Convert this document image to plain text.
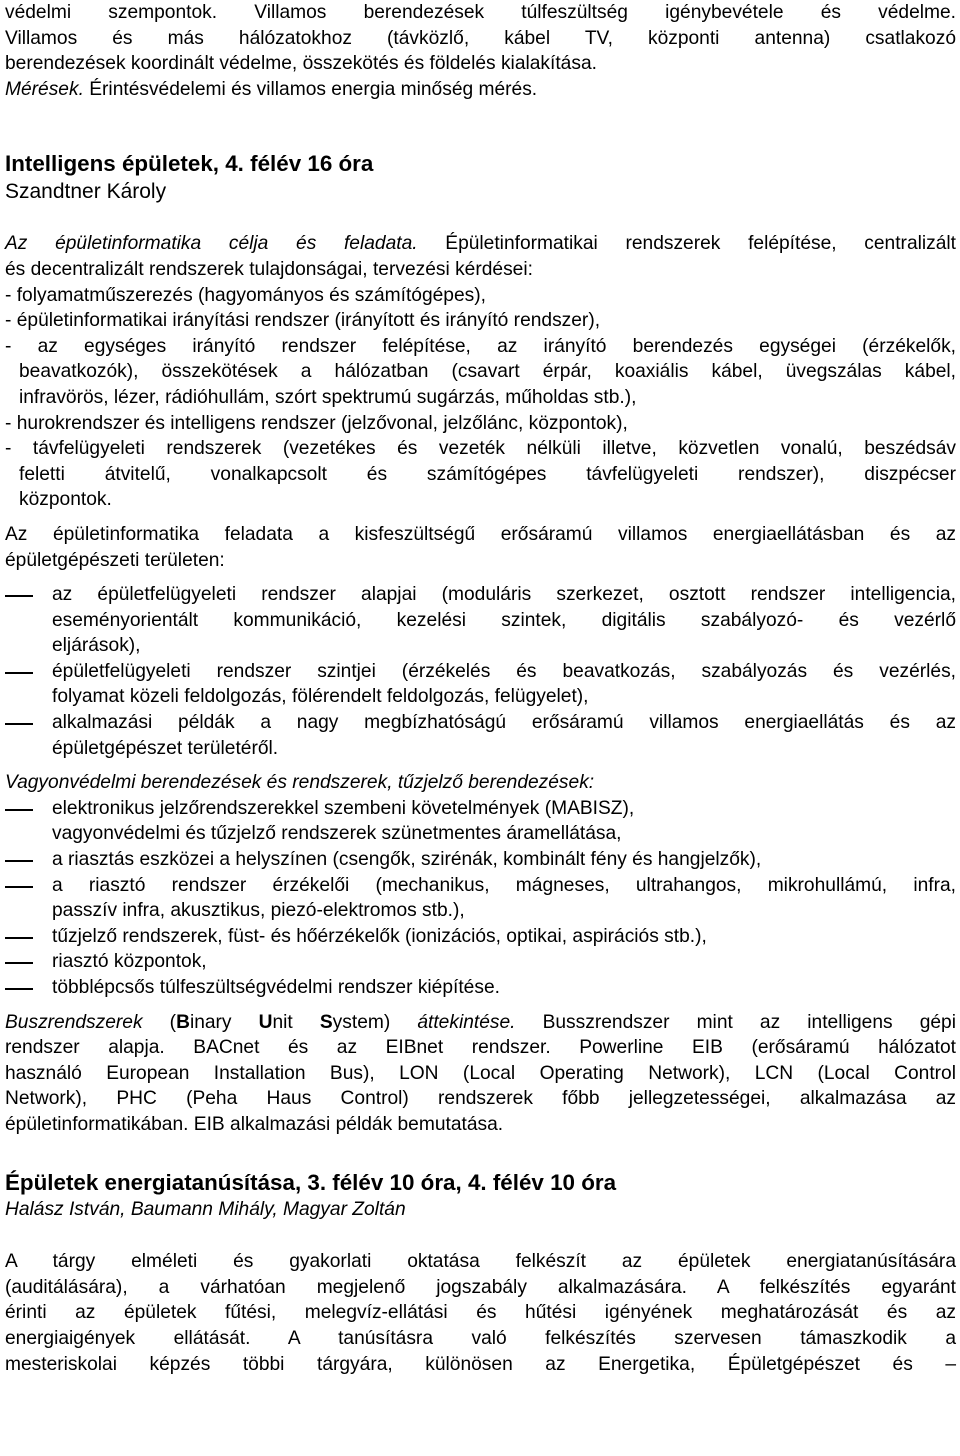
védelmi szempontok. Villamos berendezések túlfeszültség igénybevétele és védelme.
Villamos és más hálózatokhoz (távközlő, kábel TV, központi antenna) csatlakozó
berendezések koordinált védelme, összekötés és földelés kialakítása.
Mérések. Érintésvédelemi és villamos energia minőség mérés.
Intelligens épületek, 4. félév 16 óra
Szandtner Károly
Az épületinformatika célja és feladata. Épületinformatikai rendszerek felépítése, centralizált
és decentralizált rendszerek tulajdonságai, tervezési kérdései:
- folyamatműszerezés (hagyományos és számítógépes),
- épületinformatikai irányítási rendszer (irányított és irányító rendszer),
- az egységes irányító rendszer felépítése, az irányító berendezés egységei (érzékelők,
beavatkozók), összekötések a hálózatban (csavart érpár, koaxiális kábel, üvegszálas kábel,
infravörös, lézer, rádióhullám, szórt spektrumú sugárzás, műholdas stb.),
- hurokrendszer és intelligens rendszer (jelzővonal, jelzőlánc, központok),
- távfelügyeleti rendszerek (vezetékes és vezeték nélküli illetve, közvetlen vonalú, beszédsáv
feletti átvitelű, vonalkapcsolt és számítógépes távfelügyeleti rendszer), diszpécser
központok.
Az épületinformatika feladata a kisfeszültségű erősáramú villamos energiaellátásban és az
épületgépészeti területen:
az épületfelügyeleti rendszer alapjai (moduláris szerkezet, osztott rendszer intelligencia,
eseményorientált kommunikáció, kezelési szintek, digitális szabályozó- és vezérlő
eljárások),
épületfelügyeleti rendszer szintjei (érzékelés és beavatkozás, szabályozás és vezérlés,
folyamat közeli feldolgozás, fölérendelt feldolgozás, felügyelet),
alkalmazási példák a nagy megbízhatóságú erősáramú villamos energiaellátás és az
épületgépészet területéről.
Vagyonvédelmi berendezések és rendszerek, tűzjelző berendezések:
elektronikus jelzőrendszerekkel szembeni követelmények (MABISZ),
vagyonvédelmi és tűzjelző rendszerek szünetmentes áramellátása,
a riasztás eszközei a helyszínen (csengők, szirénák, kombinált fény és hangjelzők),
a riasztó rendszer érzékelői (mechanikus, mágneses, ultrahangos, mikrohullámú, infra,
passzív infra, akusztikus, piezó-elektromos stb.),
tűzjelző rendszerek, füst- és hőérzékelők (ionizációs, optikai, aspirációs stb.),
riasztó központok,
többlépcsős túlfeszültségvédelmi rendszer kiépítése.
Buszrendszerek (Binary Unit System) áttekintése. Busszrendszer mint az intelligens gépi
rendszer alapja. BACnet és az EIBnet rendszer. Powerline EIB (erősáramú hálózatot
használó European Installation Bus), LON (Local Operating Network), LCN (Local Control
Network), PHC (Peha Haus Control) rendszerek főbb jellegzetességei, alkalmazása az
épületinformatikában. EIB alkalmazási példák bemutatása.
Épületek energiatanúsítása, 3. félév 10 óra, 4. félév 10 óra
Halász István, Baumann Mihály, Magyar Zoltán
A tárgy elméleti és gyakorlati oktatása felkészít az épületek energiatanúsítására
(auditálására), a várhatóan megjelenő jogszabály alkalmazására. A felkészítés egyaránt
érinti az épületek fűtési, melegvíz-ellátási és hűtési igényének meghatározását és az
energiaigények ellátását. A tanúsításra való felkészítés szervesen támaszkodik a
mesteriskolai képzés többi tárgyára, különösen az Energetika, Épületgépészet és –
